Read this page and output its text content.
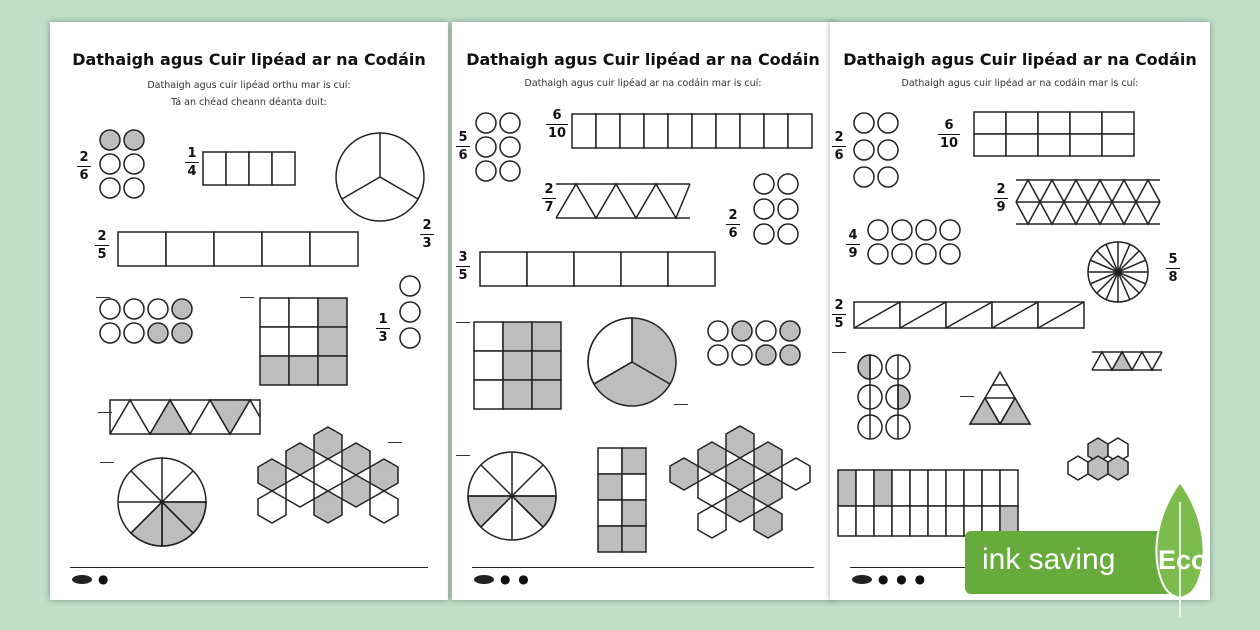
Dathaigh agus Cuir lipéad ar na Codáin
Dathaigh agus cuir lipéad orthu mar is cuí:
Tá an chéad cheann déanta duit:
2
6
1
4
2
3
2
5
1
3
●
Dathaigh agus Cuir lipéad ar na Codáin
Dathaigh agus cuir lipéad ar na codáin mar is cuí:
5
6
6
10
2
7
2
6
3
5
● ●
Dathaigh agus Cuir lipéad ar na Codáin
Dathaigh agus cuir lipéad ar na codáin mar is cuí:
2
6
6
10
2
9
4
9	5
8
2
5
● ● ●
ink saving Eco
